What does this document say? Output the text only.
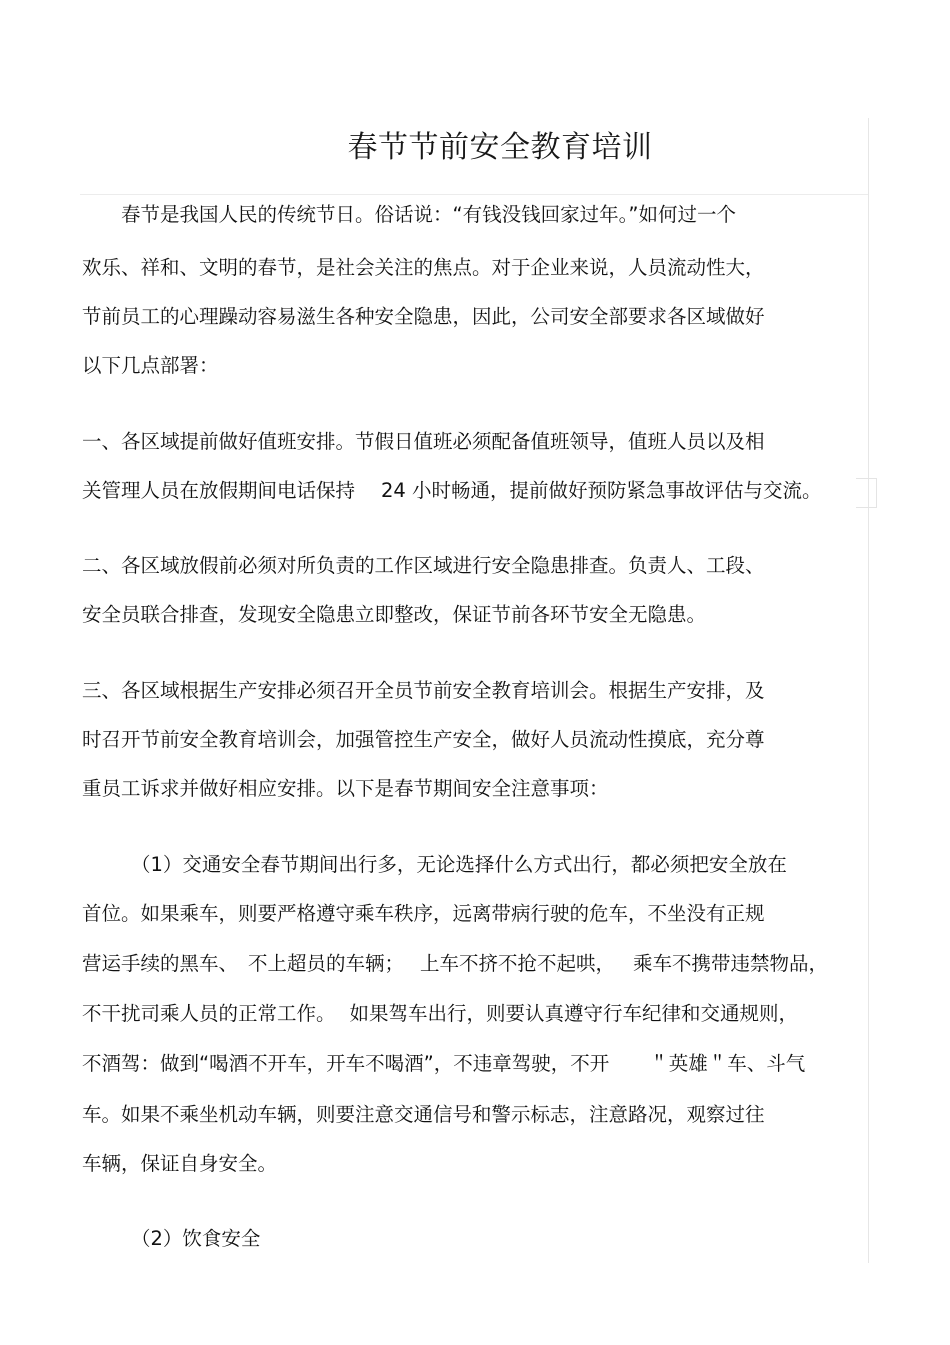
春节节前安全教育培训
春节是我国人民的传统节日。俗话说：“有钱没钱回家过年。”如何过一个
欢乐、祥和、文明的春节，是社会关注的焦点。对于企业来说，人员流动性大，
节前员工的心理躁动容易滋生各种安全隐患，因此，公司安全部要求各区域做好
以下几点部署：
一、各区域提前做好值班安排。节假日值班必须配备值班领导，值班人员以及相
关管理人员在放假期间电话保持 24 小时畅通，提前做好预防紧急事故评估与交流。
二、各区域放假前必须对所负责的工作区域进行安全隐患排查。负责人、工段、
安全员联合排查，发现安全隐患立即整改，保证节前各环节安全无隐患。
三、各区域根据生产安排必须召开全员节前安全教育培训会。根据生产安排，及
时召开节前安全教育培训会，加强管控生产安全，做好人员流动性摸底，充分尊
重员工诉求并做好相应安排。以下是春节期间安全注意事项：
（1）交通安全春节期间出行多，无论选择什么方式出行，都必须把安全放在
首位。如果乘车，则要严格遵守乘车秩序，远离带病行驶的危车，不坐没有正规
营运手续的黑车、 不上超员的车辆； 上车不挤不抢不起哄， 乘车不携带违禁物品，
不干扰司乘人员的正常工作。 如果驾车出行，则要认真遵守行车纪律和交通规则，
不酒驾：做到“喝酒不开车，开车不喝酒”，不违章驾驶，不开 ＂英雄＂车、斗气
车。如果不乘坐机动车辆，则要注意交通信号和警示标志，注意路况，观察过往
车辆，保证自身安全。
（2）饮食安全
